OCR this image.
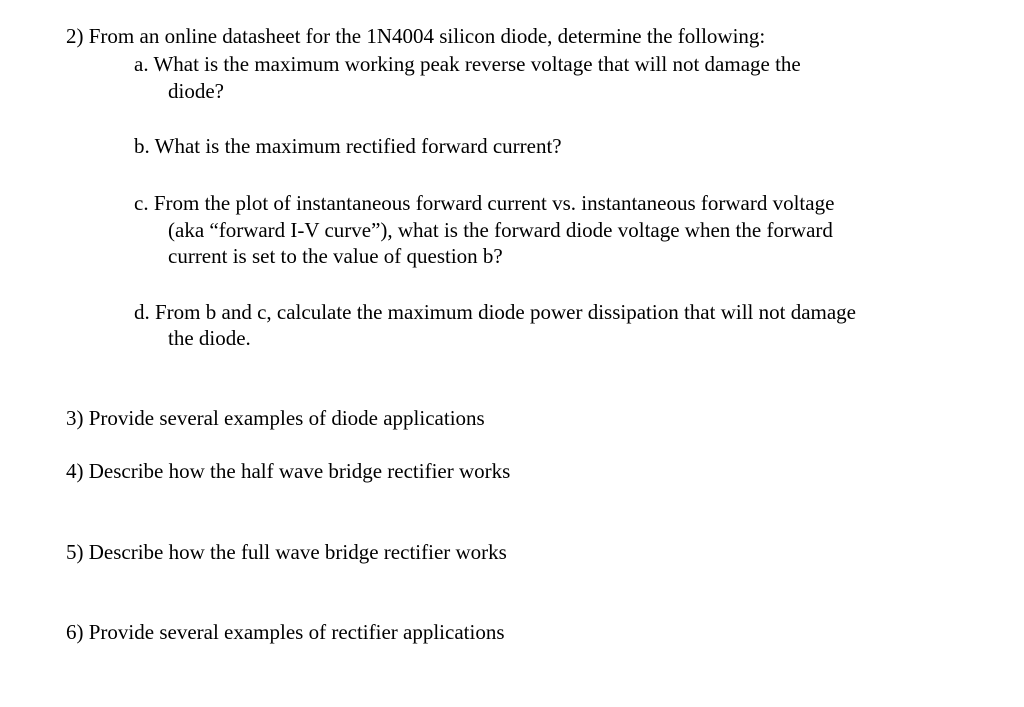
2) From an online datasheet for the 1N4004 silicon diode, determine the following:
a. What is the maximum working peak reverse voltage that will not damage the
diode?
b. What is the maximum rectified forward current?
c. From the plot of instantaneous forward current vs. instantaneous forward voltage
(aka “forward I-V curve”), what is the forward diode voltage when the forward
current is set to the value of question b?
d. From b and c, calculate the maximum diode power dissipation that will not damage
the diode.
3) Provide several examples of diode applications
4) Describe how the half wave bridge rectifier works
5) Describe how the full wave bridge rectifier works
6) Provide several examples of rectifier applications
